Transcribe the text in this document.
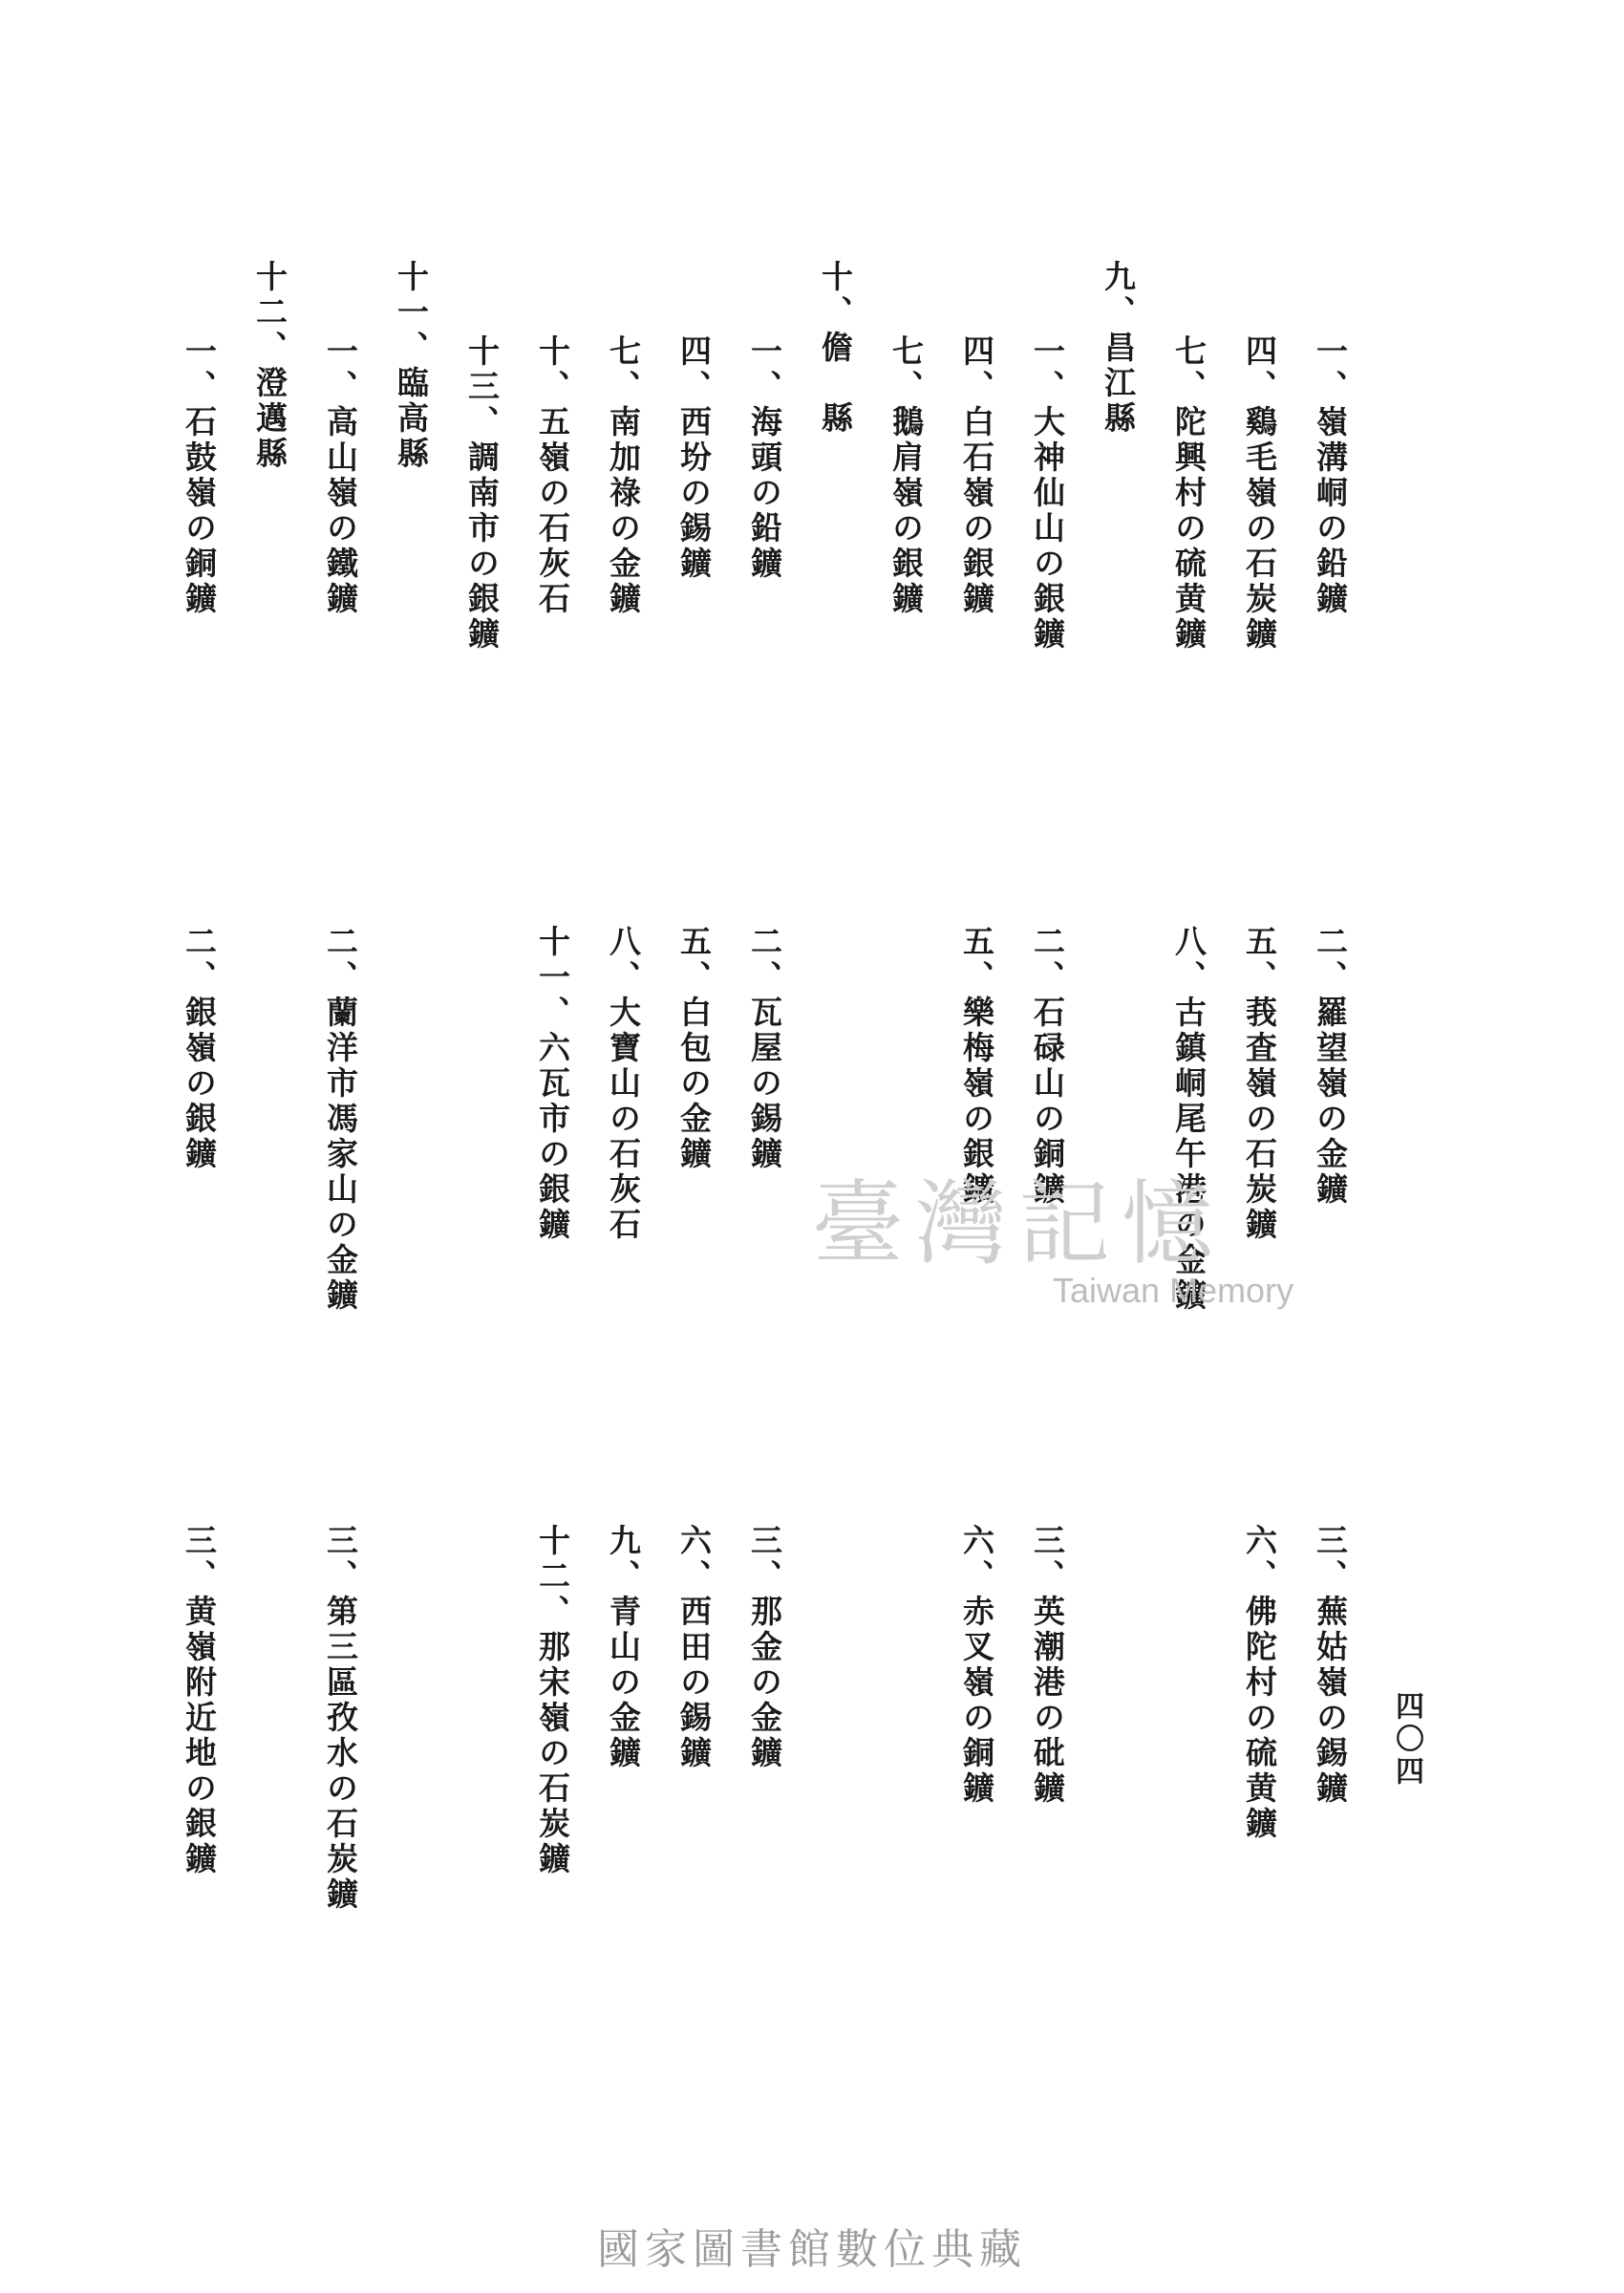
四〇四
一、嶺溝峒の鉛鑛
四、鷄毛嶺の石炭鑛
七、陀興村の硫黄鑛
九、昌江縣
一、大神仙山の銀鑛
四、白石嶺の銀鑛
七、鵝肩嶺の銀鑛
十、儋　縣
一、海頭の鉛鑛
四、西坋の錫鑛
七、南加祿の金鑛
十、五嶺の石灰石
十三、調南市の銀鑛
十一、臨高縣
一、高山嶺の鐵鑛
十二、澄邁縣
一、石鼓嶺の銅鑛
二、羅望嶺の金鑛
五、莪査嶺の石炭鑛
八、古鎮峒尾午港の金鑛
二、石碌山の銅鑛
五、樂梅嶺の銀鑛
二、瓦屋の錫鑛
五、白包の金鑛
八、大寶山の石灰石
十一、六瓦市の銀鑛
二、蘭洋市馮家山の金鑛
二、銀嶺の銀鑛
三、蕪姑嶺の錫鑛
六、佛陀村の硫黄鑛
三、英潮港の砒鑛
六、赤叉嶺の銅鑛
三、那金の金鑛
六、西田の錫鑛
九、青山の金鑛
十二、那宋嶺の石炭鑛
三、第三區孜水の石炭鑛
三、黄嶺附近地の銀鑛
臺灣記憶
Taiwan Memory
國家圖書館數位典藏
